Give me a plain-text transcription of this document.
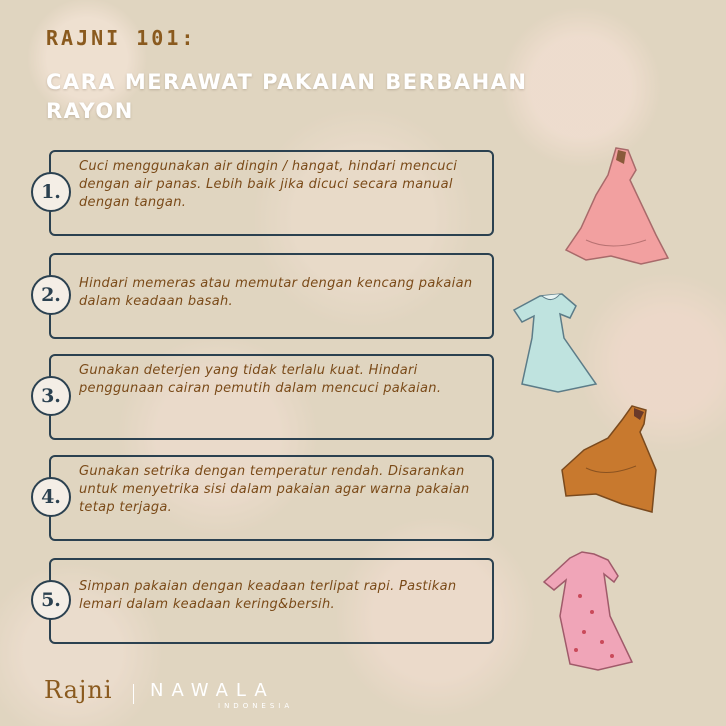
RAJNI 101:
CARA MERAWAT PAKAIAN BERBAHAN RAYON
1.
Cuci menggunakan air dingin / hangat, hindari mencuci dengan air panas. Lebih baik jika dicuci secara manual dengan tangan.
2.
Hindari memeras atau memutar dengan kencang pakaian dalam keadaan basah.
3.
Gunakan deterjen yang tidak terlalu kuat. Hindari penggunaan cairan pemutih dalam mencuci pakaian.
4.
Gunakan setrika dengan temperatur rendah. Disarankan untuk menyetrika sisi dalam pakaian agar warna pakaian tetap terjaga.
5.
Simpan pakaian dengan keadaan terlipat rapi. Pastikan lemari dalam keadaan kering&bersih.
Rajni NAWALA
INDONESIA
